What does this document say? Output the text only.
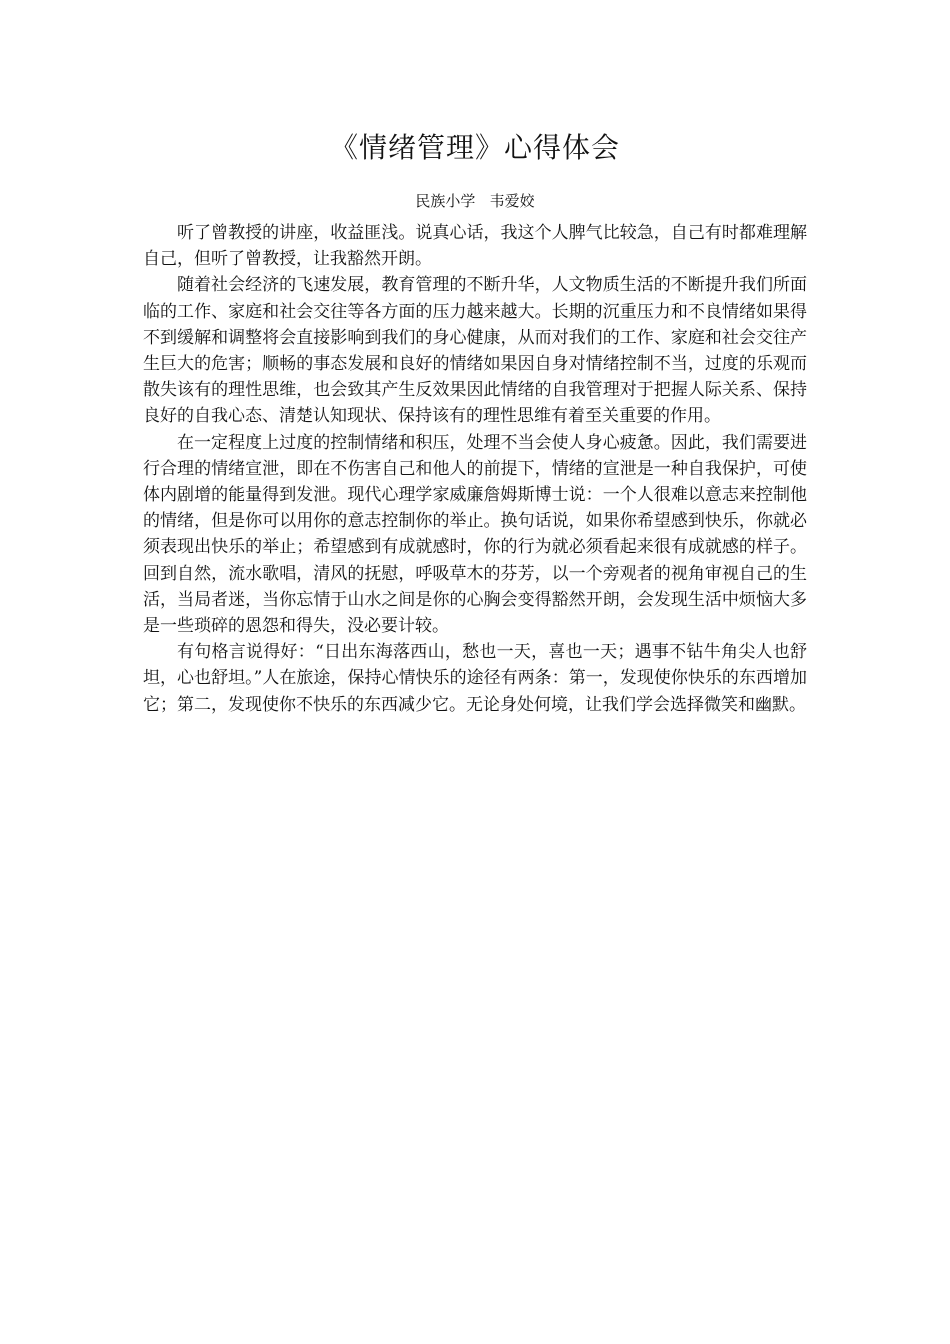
《情绪管理》心得体会

民族小学   韦爱姣

听了曾教授的讲座，收益匪浅。说真心话，我这个人脾气比较急，自己有时都难理解自己，但听了曾教授，让我豁然开朗。

随着社会经济的飞速发展，教育管理的不断升华，人文物质生活的不断提升我们所面临的工作、家庭和社会交往等各方面的压力越来越大。长期的沉重压力和不良情绪如果得不到缓解和调整将会直接影响到我们的身心健康，从而对我们的工作、家庭和社会交往产生巨大的危害；顺畅的事态发展和良好的情绪如果因自身对情绪控制不当，过度的乐观而散失该有的理性思维，也会致其产生反效果因此情绪的自我管理对于把握人际关系、保持良好的自我心态、清楚认知现状、保持该有的理性思维有着至关重要的作用。

在一定程度上过度的控制情绪和积压，处理不当会使人身心疲惫。因此，我们需要进行合理的情绪宣泄，即在不伤害自己和他人的前提下，情绪的宣泄是一种自我保护，可使体内剧增的能量得到发泄。现代心理学家威廉詹姆斯博士说：一个人很难以意志来控制他的情绪，但是你可以用你的意志控制你的举止。换句话说，如果你希望感到快乐，你就必须表现出快乐的举止；希望感到有成就感时，你的行为就必须看起来很有成就感的样子。回到自然，流水歌唱，清风的抚慰，呼吸草木的芬芳，以一个旁观者的视角审视自己的生活，当局者迷，当你忘情于山水之间是你的心胸会变得豁然开朗，会发现生活中烦恼大多是一些琐碎的恩怨和得失，没必要计较。

有句格言说得好：“日出东海落西山，愁也一天，喜也一天；遇事不钻牛角尖人也舒坦，心也舒坦。”人在旅途，保持心情快乐的途径有两条：第一，发现使你快乐的东西增加它；第二，发现使你不快乐的东西减少它。无论身处何境，让我们学会选择微笑和幽默。
